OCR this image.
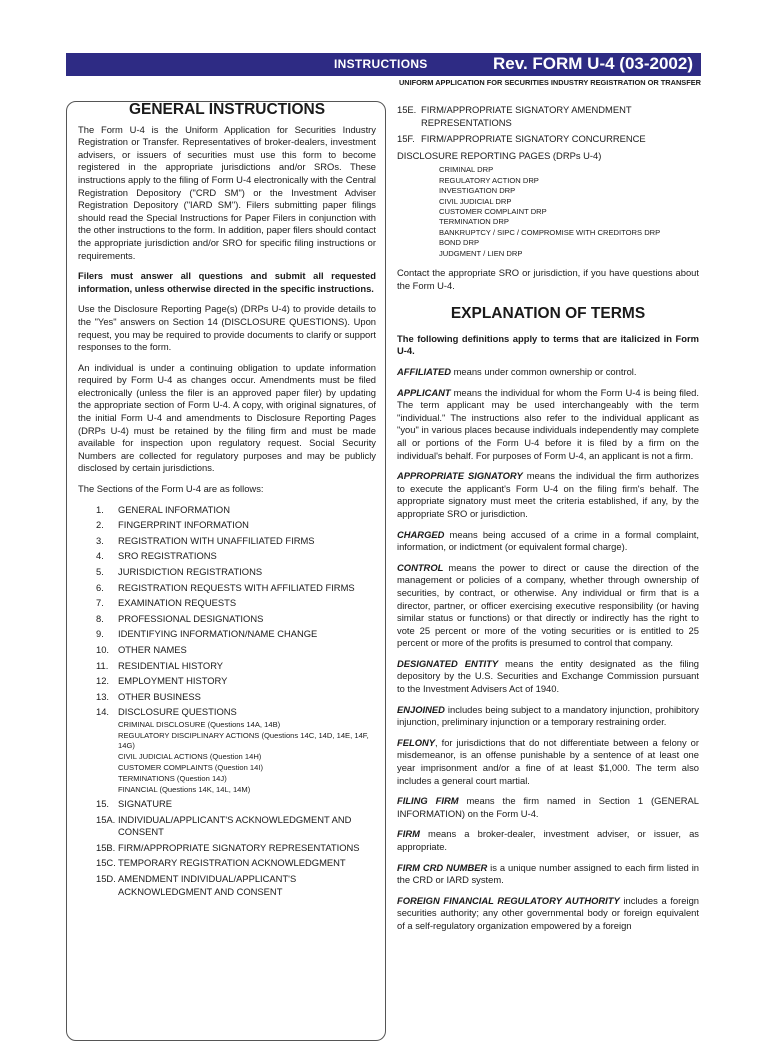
INSTRUCTIONS	Rev. FORM U-4 (03-2002)
UNIFORM APPLICATION FOR SECURITIES INDUSTRY REGISTRATION OR TRANSFER
GENERAL INSTRUCTIONS

The Form U-4 is the Uniform Application for Securities Industry Registration or Transfer. Representatives of broker-dealers, investment advisers, or issuers of securities must use this form to become registered in the appropriate jurisdictions and/or SROs. These instructions apply to the filing of Form U-4 electronically with the Central Registration Depository ("CRD SM") or the Investment Adviser Registration Depository ("IARD SM"). Filers submitting paper filings should read the Special Instructions for Paper Filers in conjunction with the other instructions to the form. In addition, paper filers should contact the appropriate jurisdiction and/or SRO for specific filing instructions or requirements.

Filers must answer all questions and submit all requested information, unless otherwise directed in the specific instructions.

Use the Disclosure Reporting Page(s) (DRPs U-4) to provide details to the "Yes" answers on Section 14 (DISCLOSURE QUESTIONS). Upon request, you may be required to provide documents to clarify or support responses to the form.

An individual is under a continuing obligation to update information required by Form U-4 as changes occur. Amendments must be filed electronically (unless the filer is an approved paper filer) by updating the appropriate section of Form U-4. A copy, with original signatures, of the initial Form U-4 and amendments to Disclosure Reporting Pages (DRPs U-4) must be retained by the filing firm and must be made available for inspection upon regulatory request. Social Security Numbers are collected for regulatory purposes and may be publicly disclosed by certain jurisdictions.

The Sections of the Form U-4 are as follows:

1.	GENERAL INFORMATION
2.	FINGERPRINT INFORMATION
3.	REGISTRATION WITH UNAFFILIATED FIRMS
4.	SRO REGISTRATIONS
5.	JURISDICTION REGISTRATIONS
6.	REGISTRATION REQUESTS WITH AFFILIATED FIRMS
7.	EXAMINATION REQUESTS
8.	PROFESSIONAL DESIGNATIONS
9.	IDENTIFYING INFORMATION/NAME CHANGE
10. OTHER NAMES
11.	RESIDENTIAL HISTORY
12. EMPLOYMENT HISTORY
13. OTHER BUSINESS
14. DISCLOSURE QUESTIONS
CRIMINAL DISCLOSURE (Questions 14A, 14B)
REGULATORY DISCIPLINARY ACTIONS (Questions 14C, 14D, 14E, 14F, 14G)
CIVIL JUDICIAL ACTIONS (Question 14H)
CUSTOMER COMPLAINTS (Question 14I)
TERMINATIONS (Question 14J)
FINANCIAL (Questions 14K, 14L, 14M)
15. SIGNATURE
15A. INDIVIDUAL/APPLICANT'S ACKNOWLEDGMENT AND CONSENT
15B. FIRM/APPROPRIATE SIGNATORY REPRESENTATIONS
15C. TEMPORARY REGISTRATION ACKNOWLEDGMENT
15D. AMENDMENT INDIVIDUAL/APPLICANT'S ACKNOWLEDGMENT AND CONSENT
15E. FIRM/APPROPRIATE SIGNATORY AMENDMENT REPRESENTATIONS
15F. FIRM/APPROPRIATE SIGNATORY CONCURRENCE
DISCLOSURE REPORTING PAGES (DRPs U-4)
CRIMINAL DRP
REGULATORY ACTION DRP
INVESTIGATION DRP
CIVIL JUDICIAL DRP
CUSTOMER COMPLAINT DRP
TERMINATION DRP
BANKRUPTCY / SIPC / COMPROMISE WITH CREDITORS DRP
BOND DRP
JUDGMENT / LIEN DRP

Contact the appropriate SRO or jurisdiction, if you have questions about the Form U-4.

EXPLANATION OF TERMS

The following definitions apply to terms that are italicized in Form U-4.

AFFILIATED means under common ownership or control.

APPLICANT means the individual for whom the Form U-4 is being filed. The term applicant may be used interchangeably with the term "individual." The instructions also refer to the individual applicant as "you" in various places because individuals independently may complete all or portions of the Form U-4 before it is filed by a firm on the individual's behalf. For purposes of Form U-4, an applicant is not a firm.

APPROPRIATE SIGNATORY means the individual the firm authorizes to execute the applicant's Form U-4 on the filing firm's behalf. The appropriate signatory must meet the criteria established, if any, by the appropriate SRO or jurisdiction.

CHARGED means being accused of a crime in a formal complaint, information, or indictment (or equivalent formal charge).

CONTROL means the power to direct or cause the direction of the management or policies of a company, whether through ownership of securities, by contract, or otherwise. Any individual or firm that is a director, partner, or officer exercising executive responsibility (or having similar status or functions) or that directly or indirectly has the right to vote 25 percent or more of the voting securities or is entitled to 25 percent or more of the profits is presumed to control that company.

DESIGNATED ENTITY means the entity designated as the filing depository by the U.S. Securities and Exchange Commission pursuant to the Investment Advisers Act of 1940.

ENJOINED includes being subject to a mandatory injunction, prohibitory injunction, preliminary injunction or a temporary restraining order.

FELONY, for jurisdictions that do not differentiate between a felony or misdemeanor, is an offense punishable by a sentence of at least one year imprisonment and/or a fine of at least $1,000. The term also includes a general court martial.

FILING FIRM means the firm named in Section 1 (GENERAL INFORMATION) on the Form U-4.

FIRM means a broker-dealer, investment adviser, or issuer, as appropriate.

FIRM CRD NUMBER is a unique number assigned to each firm listed in the CRD or IARD system.

FOREIGN FINANCIAL REGULATORY AUTHORITY includes a foreign securities authority; any other governmental body or foreign equivalent of a self-regulatory organization empowered by a foreign
